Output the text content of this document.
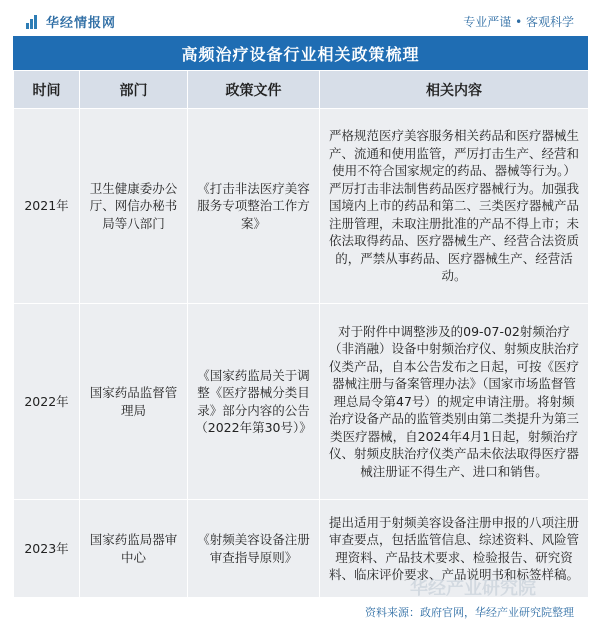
华经情报网	专业严谨 • 客观科学
高频治疗设备行业相关政策梳理
时间	部门	政策文件	相关内容
2021年	卫生健康委办公厅、网信办秘书局等八部门	《打击非法医疗美容服务专项整治工作方案》	严格规范医疗美容服务相关药品和医疗器械生产、流通和使用监管，严厉打击生产、经营和使用不符合国家规定的药品、器械等行为。）严厉打击非法制售药品医疗器械行为。加强我国境内上市的药品和第二、三类医疗器械产品注册管理，未取注册批准的产品不得上市；未依法取得药品、医疗器械生产、经营合法资质的，严禁从事药品、医疗器械生产、经营活动。
2022年	国家药品监督管理局	《国家药监局关于调整《医疗器械分类目录》部分内容的公告（2022年第30号）》	对于附件中调整涉及的09-07-02射频治疗（非消融）设备中射频治疗仪、射频皮肤治疗仪类产品，自本公告发布之日起，可按《医疗器械注册与备案管理办法》（国家市场监督管理总局令第47号）的规定申请注册。将射频治疗设备产品的监管类别由第二类提升为第三类医疗器械，自2024年4月1日起，射频治疗仪、射频皮肤治疗仪类产品未依法取得医疗器械注册证不得生产、进口和销售。
2023年	国家药监局器审中心	《射频美容设备注册审查指导原则》	提出适用于射频美容设备注册申报的八项注册审查要点，包括监管信息、综述资料、风险管理资料、产品技术要求、检验报告、研究资料、临床评价要求、产品说明书和标签样稿。
华经产业研究院
资料来源：政府官网，华经产业研究院整理
